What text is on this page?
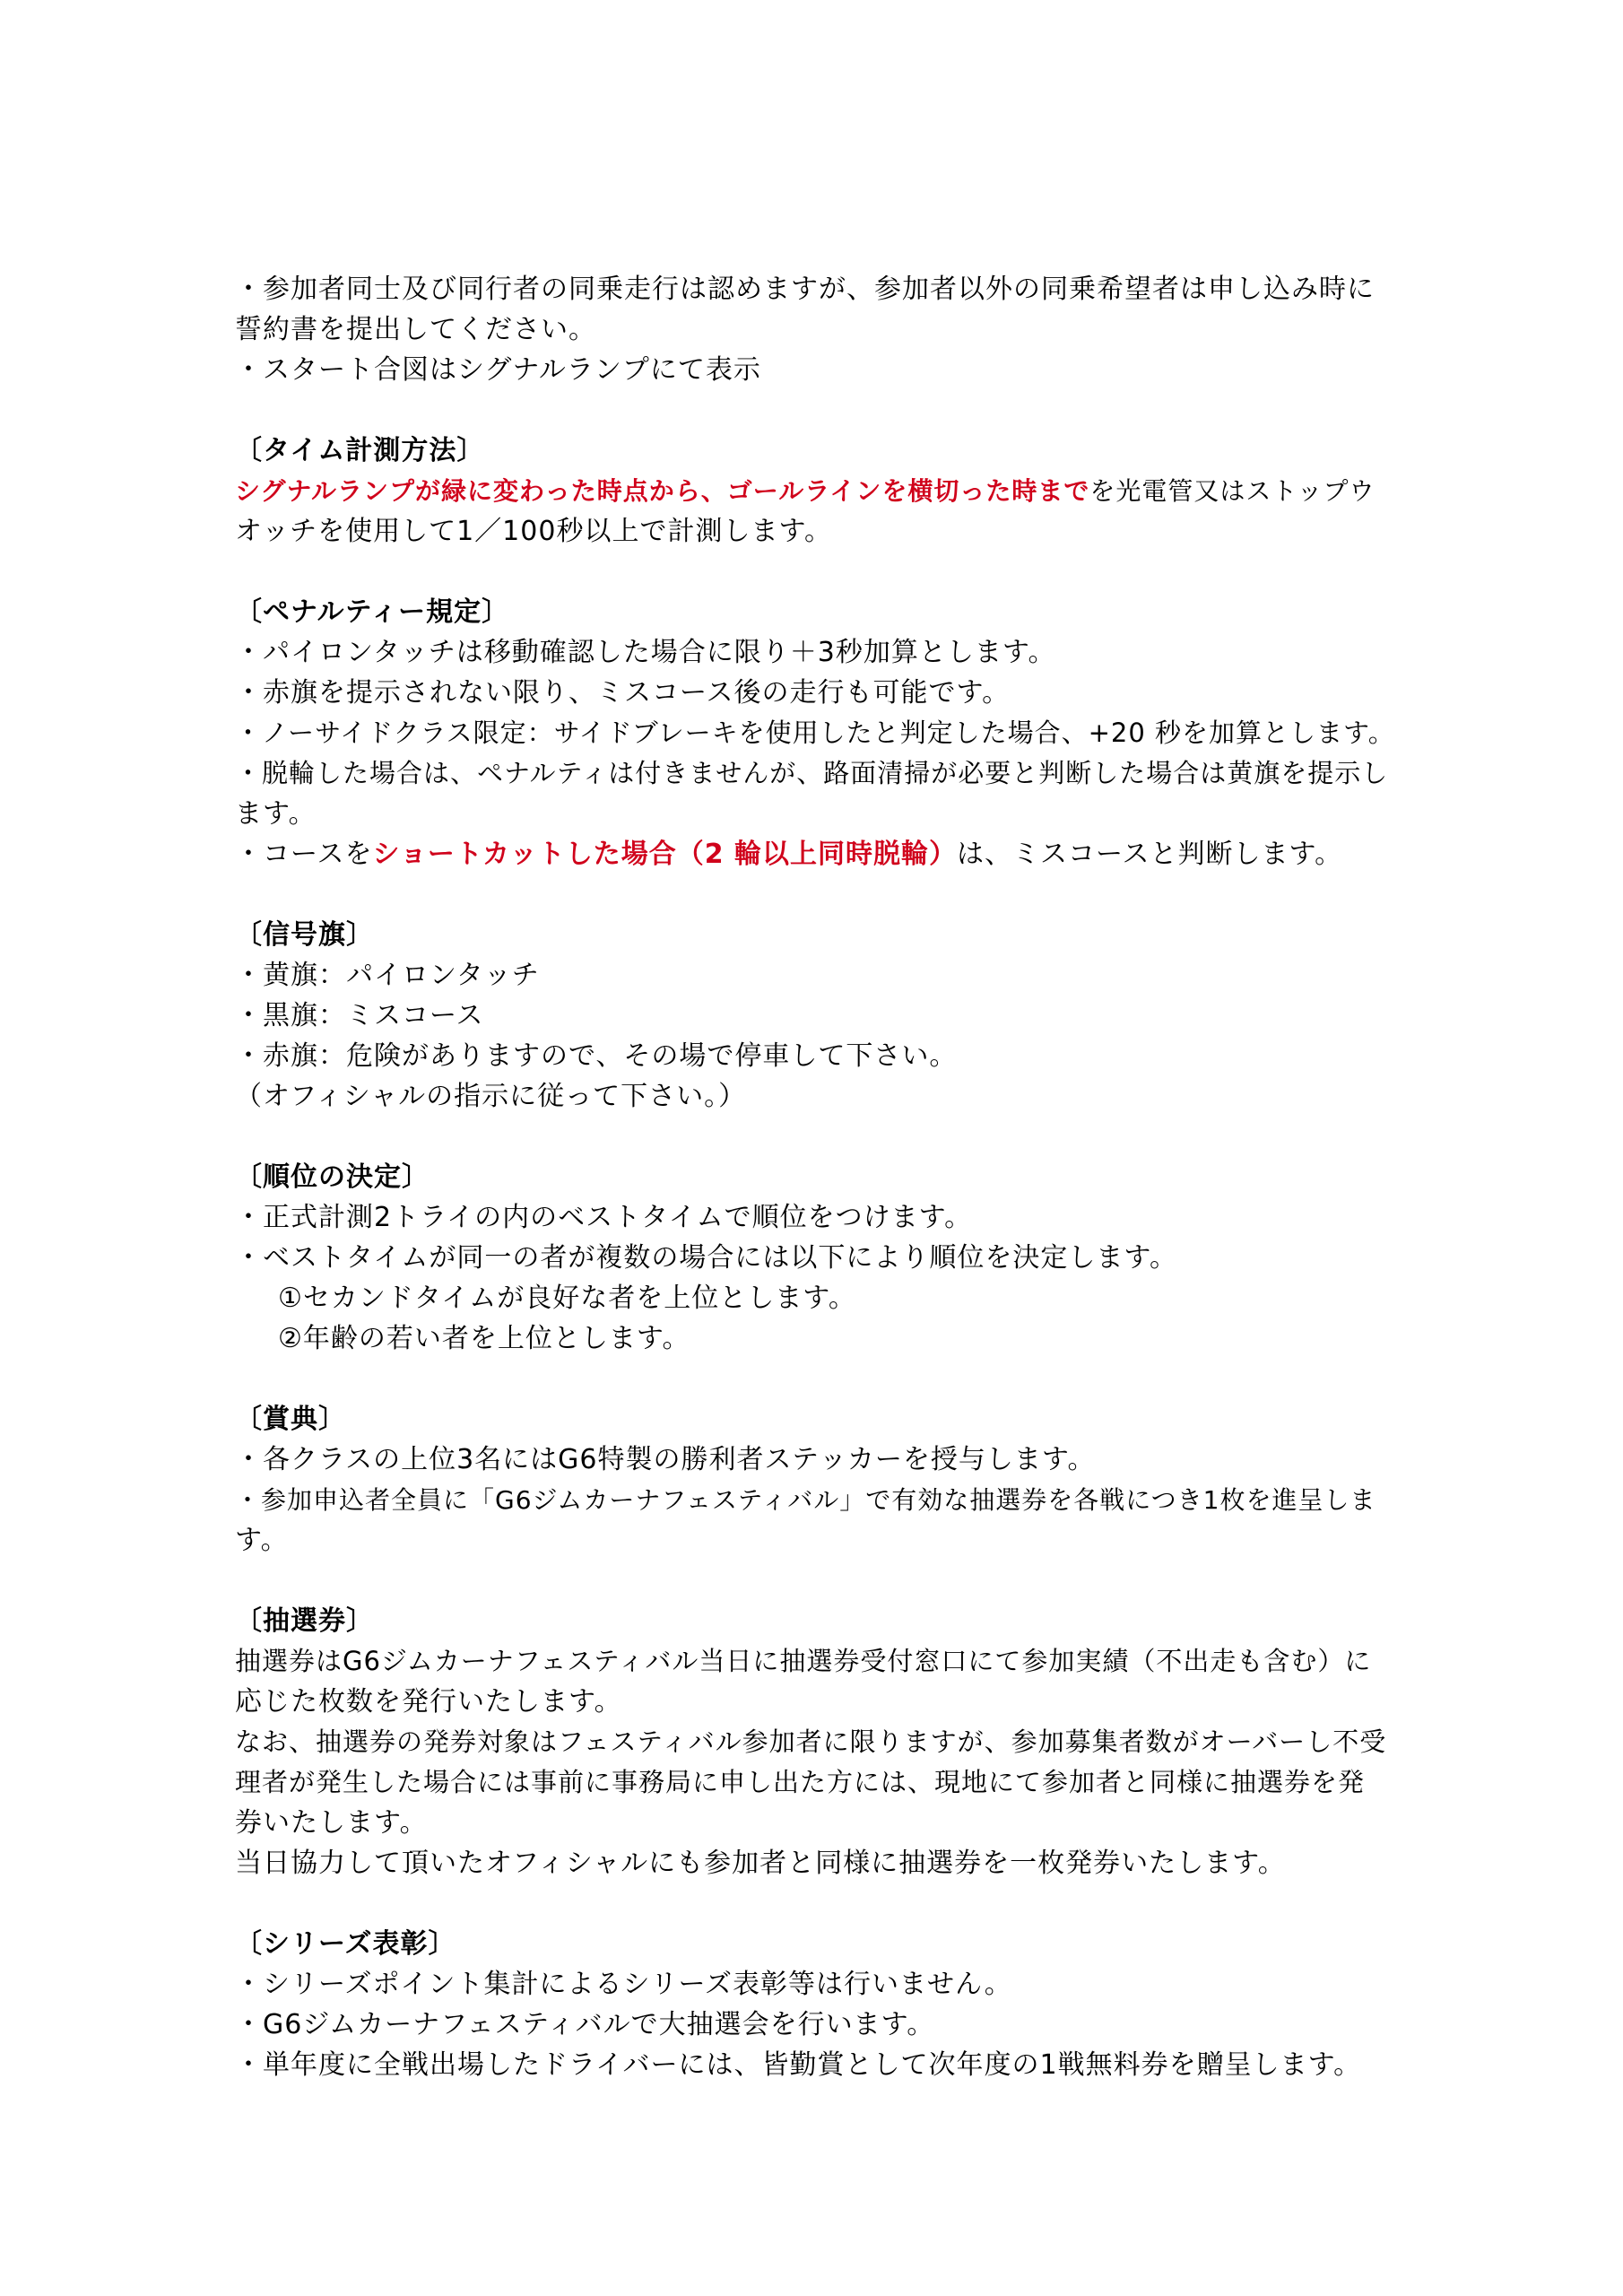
・参加者同士及び同行者の同乗走行は認めますが、参加者以外の同乗希望者は申し込み時に

誓約書を提出してください。

・スタート合図はシグナルランプにて表示

〔タイム計測方法〕

シグナルランプが緑に変わった時点から、ゴールラインを横切った時までを光電管又はストップウ

オッチを使用して1／100秒以上で計測します。

〔ペナルティー規定〕

・パイロンタッチは移動確認した場合に限り＋3秒加算とします。

・赤旗を提示されない限り、ミスコース後の走行も可能です。

・ノーサイドクラス限定：サイドブレーキを使用したと判定した場合、+20 秒を加算とします。

・脱輪した場合は、ペナルティは付きませんが、路面清掃が必要と判断した場合は黄旗を提示し

ます。

・コースをショートカットした場合（2 輪以上同時脱輪）は、ミスコースと判断します。

〔信号旗〕

・黄旗：パイロンタッチ

・黒旗：ミスコース

・赤旗：危険がありますので、その場で停車して下さい。

（オフィシャルの指示に従って下さい。）

〔順位の決定〕

・正式計測2トライの内のベストタイムで順位をつけます。

・ベストタイムが同一の者が複数の場合には以下により順位を決定します。

①セカンドタイムが良好な者を上位とします。

②年齢の若い者を上位とします。

〔賞典〕

・各クラスの上位3名にはG6特製の勝利者ステッカーを授与します。

・参加申込者全員に「G6ジムカーナフェスティバル」で有効な抽選券を各戦につき1枚を進呈しま

す。

〔抽選券〕

抽選券はG6ジムカーナフェスティバル当日に抽選券受付窓口にて参加実績（不出走も含む）に

応じた枚数を発行いたします。

なお、抽選券の発券対象はフェスティバル参加者に限りますが、参加募集者数がオーバーし不受

理者が発生した場合には事前に事務局に申し出た方には、現地にて参加者と同様に抽選券を発

券いたします。

当日協力して頂いたオフィシャルにも参加者と同様に抽選券を一枚発券いたします。

〔シリーズ表彰〕

・シリーズポイント集計によるシリーズ表彰等は行いません。

・G6ジムカーナフェスティバルで大抽選会を行います。

・単年度に全戦出場したドライバーには、皆勤賞として次年度の1戦無料券を贈呈します。
